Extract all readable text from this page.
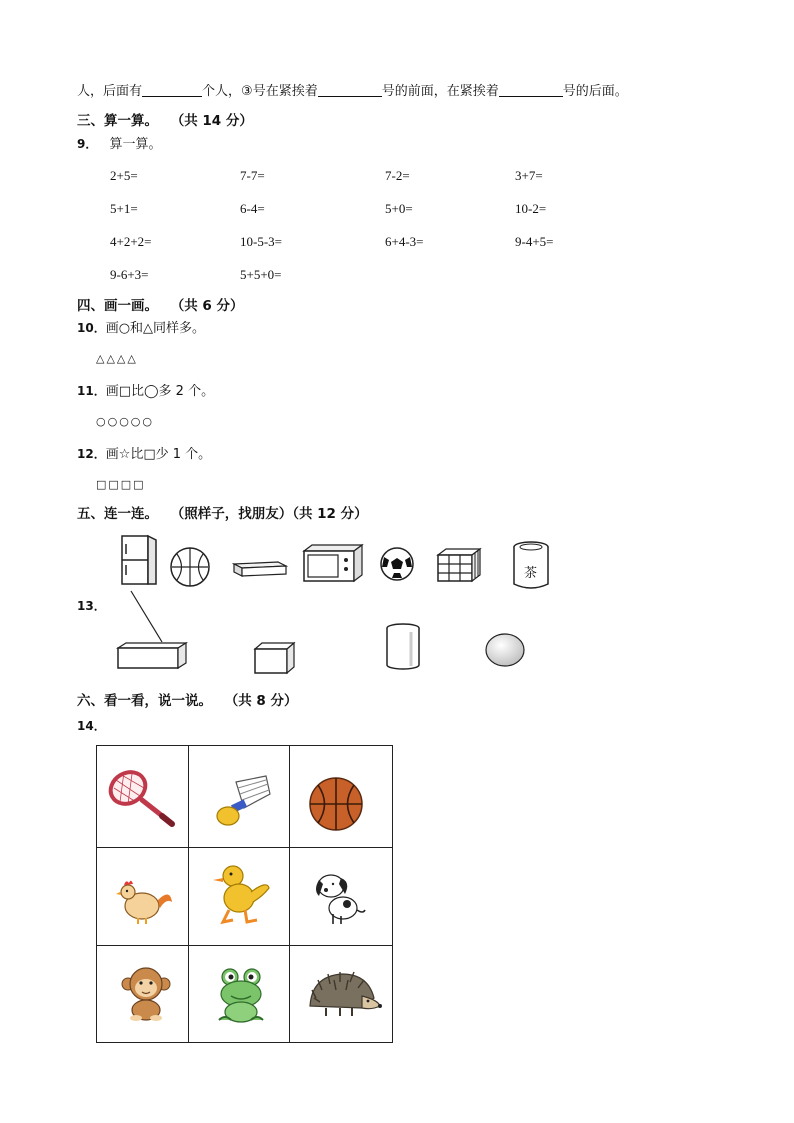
人，后面有	个人，③号在紧挨着	号的前面，在紧挨着	号的后面。
三、算一算。 （共 14 分）
9． 算一算。
2+5=	7-7=	7-2=	3+7=
5+1=	6-4=	5+0=	10-2=
4+2+2=	10-5-3=	6+4-3=	9-4+5=
9-6+3=	5+5+0=
四、画一画。 （共 6 分）
10．画○和△同样多。
△△△△
11．画□比◯多 2 个。
○○○○○
12．画☆比□少 1 个。
□□□□
五、连一连。 （照样子，找朋友）（共 12 分）
13．
茶
六、看一看，说一说。 （共 8 分）
14．
